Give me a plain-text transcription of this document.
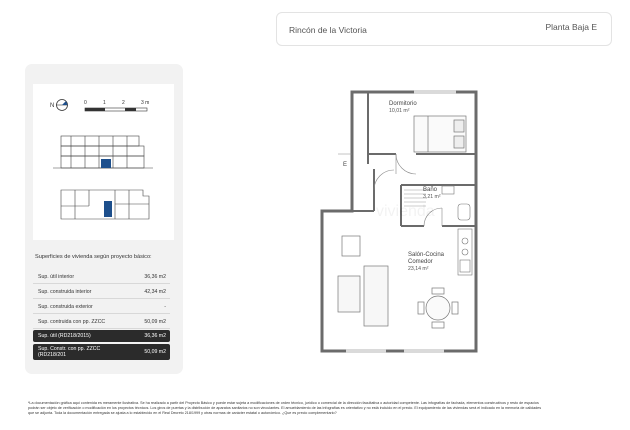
Rincón de la Victoria	Planta Baja E
N	0	1	2	3 m
Superficies de vivienda según proyecto básico:
Sup. útil interior	36,36 m2
Sup. construida interior	42,34 m2
Sup. construida exterior	-
Sup. contruida con pp. ZZCC	50,09 m2
Sup. útil (RD218/2015)	36,36 m2
Sup. Constr. con pp. ZZCC (RD218/201	50,09 m2
E
vivienda
Dormitorio
10,01 m²
Baño
3,21 m²
Salón-Cocina Comedor
23,14 m²

*La documentación gráfica aquí contenida es meramente ilustrativa. Se ha realizado a partir del Proyecto Básico y puede estar sujeta a modificaciones de orden técnico, jurídico o comercial de la dirección facultativa o autoridad competente. Las infografías de fachada, elementos constructivos y resto de espacios

podrán ser objeto de verificación o modificación en los proyectos técnicos. Los giros de puertas y la distribución de aparatos sanitarios no son vinculantes. El amueblamiento de las infografías es orientativo y no está incluido en el precio. El equipamiento de las viviendas será el indicado en la memoria de calidades

que se adjunta. Toda la documentación entregada se ajusta a lo establecido en el Real Decreto 218/1999 y otras normas de carácter estatal o autonómico. ¿Que es precio complementario?
